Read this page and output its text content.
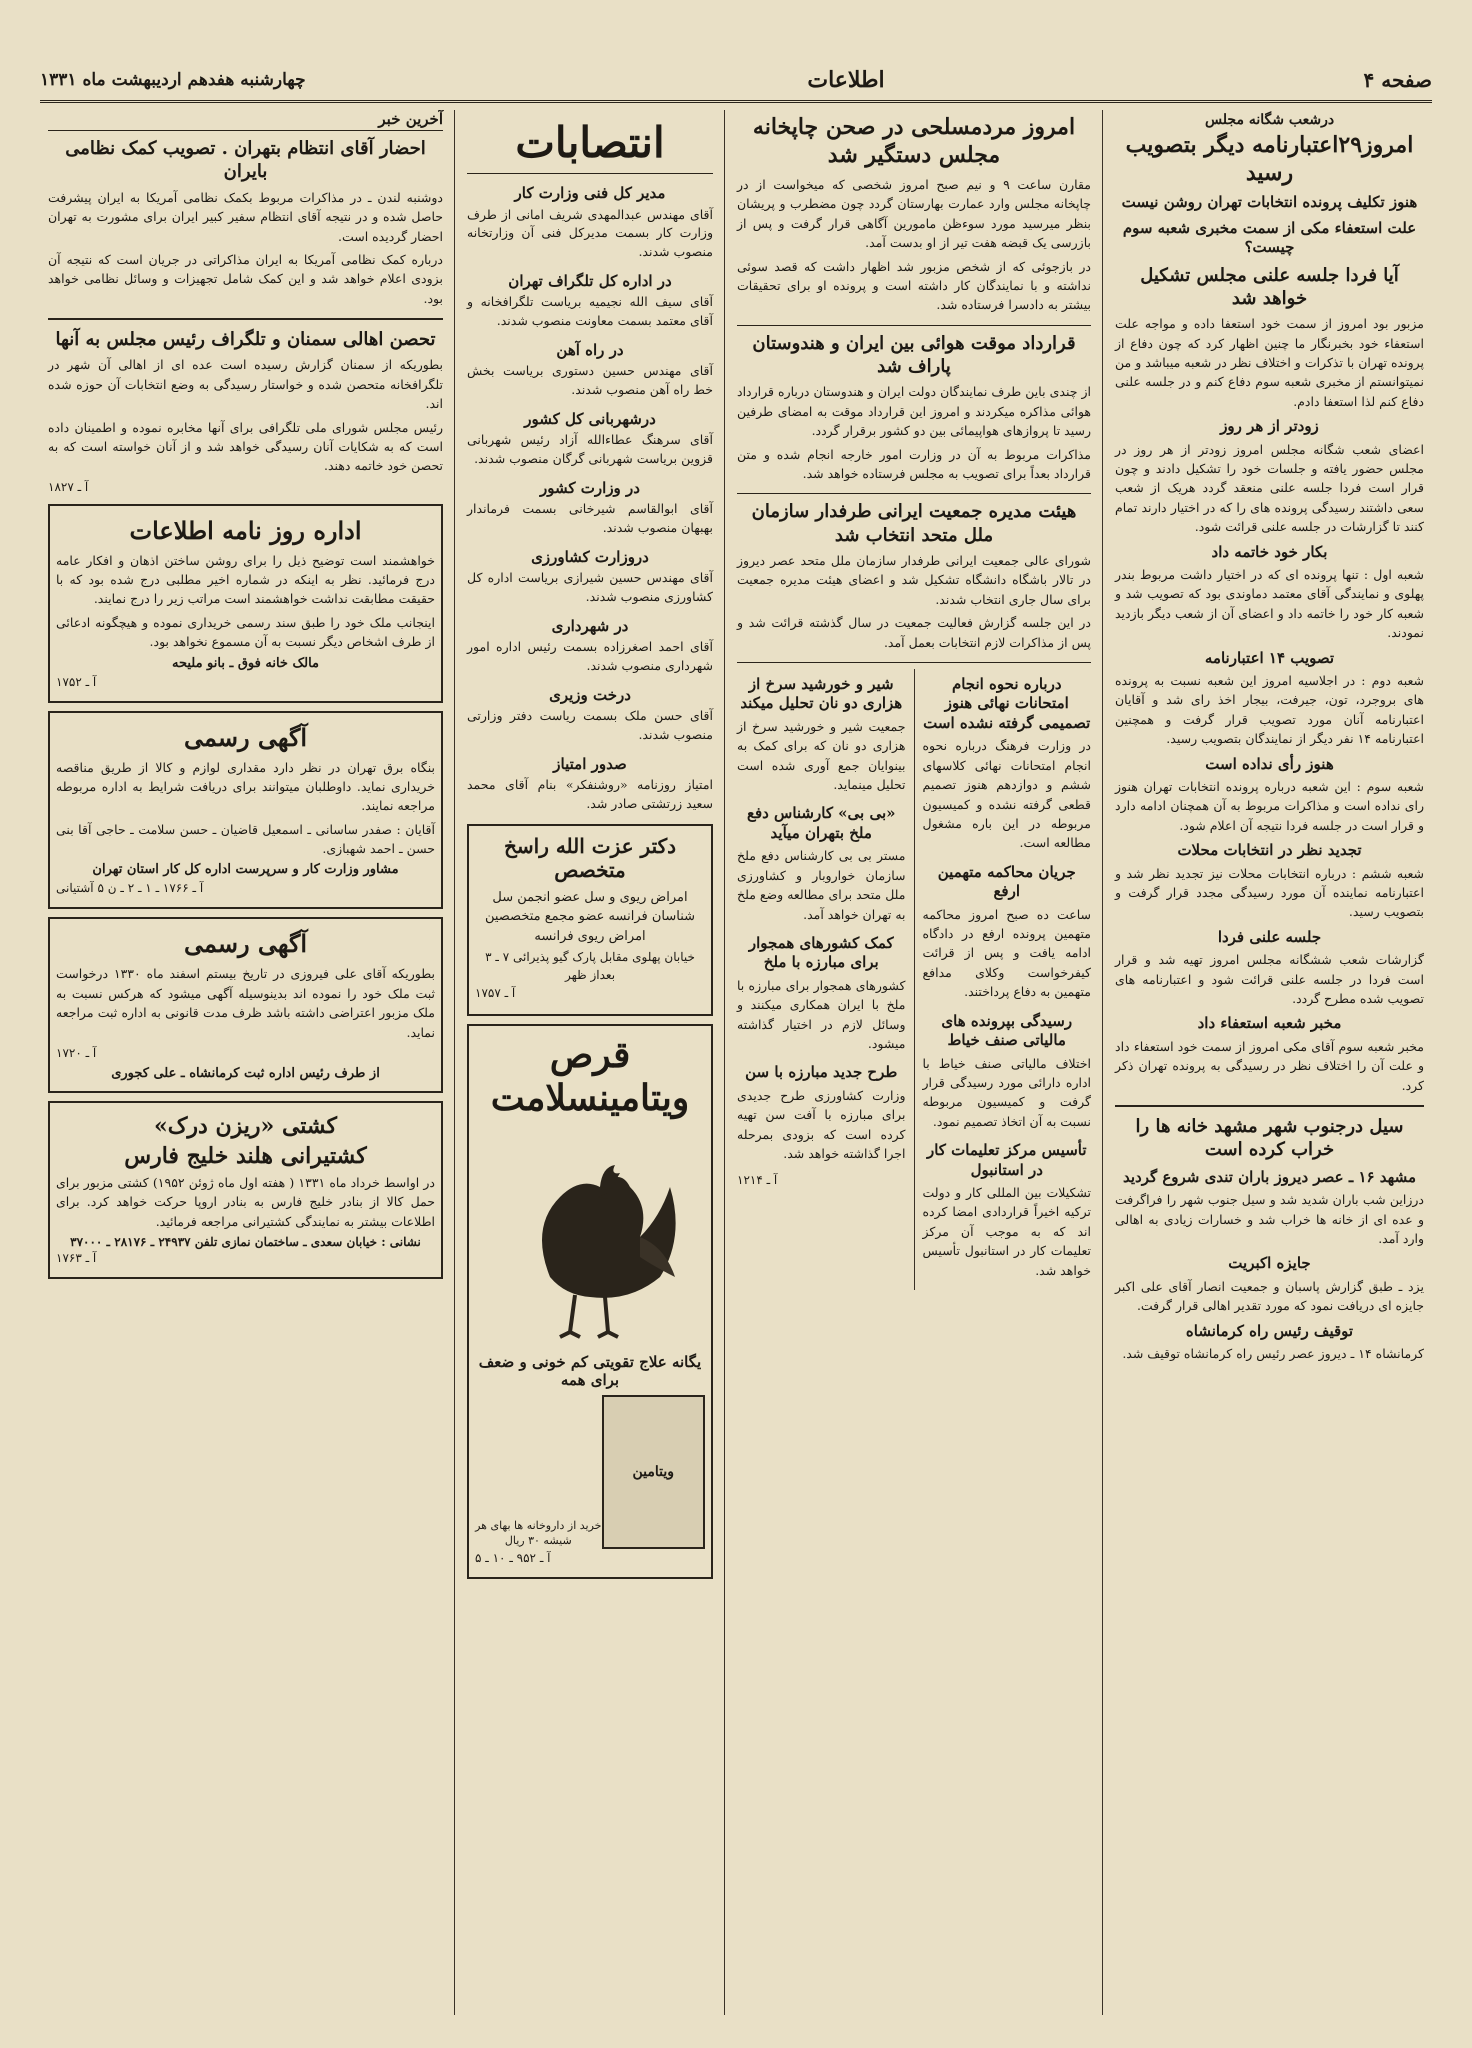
صفحه ۴
اطلاعات
چهارشنبه هفدهم اردیبهشت ماه ۱۳۳۱
درشعب شگانه مجلس
امروز۲۹اعتبارنامه دیگر بتصویب رسید
هنوز تکلیف پرونده انتخابات تهران روشن نیست
علت استعفاء مکی از سمت مخبری شعبه سوم چیست؟
آیا فردا جلسه علنی مجلس تشکیل خواهد شد

مزبور بود امروز از سمت خود استعفا داده و مواجه علت استعفاء خود بخبرنگار ما چنین اظهار کرد که چون دفاع از پرونده تهران با تذکرات و اختلاف نظر در شعبه میباشد و من نمیتوانستم از مخبری شعبه سوم دفاع کنم و در جلسه علنی دفاع کنم لذا استعفا دادم.

زودتر از هر روز

اعضای شعب شگانه مجلس امروز زودتر از هر روز در مجلس حضور یافته و جلسات خود را تشکیل دادند و چون قرار است فردا جلسه علنی منعقد گردد هریک از شعب سعی داشتند رسیدگی پرونده های را که در اختیار دارند تمام کنند تا گزارشات در جلسه علنی قرائت شود.

بکار خود خاتمه داد

شعبه اول : تنها پرونده ای که در اختیار داشت مربوط بندر پهلوی و نمایندگی آقای معتمد دماوندی بود که تصویب شد و شعبه کار خود را خاتمه داد و اعضای آن از شعب دیگر بازدید نمودند.

تصویب ۱۴ اعتبارنامه

شعبه دوم : در اجلاسیه امروز این شعبه نسبت به پرونده های بروجرد، تون، جیرفت، بیجار اخذ رای شد و آقایان اعتبارنامه آنان مورد تصویب قرار گرفت و همچنین اعتبارنامه ۱۴ نفر دیگر از نمایندگان بتصویب رسید.

هنوز رأی نداده است

شعبه سوم : این شعبه درباره پرونده انتخابات تهران هنوز رای نداده است و مذاکرات مربوط به آن همچنان ادامه دارد و قرار است در جلسه فردا نتیجه آن اعلام شود.

تجدید نظر در انتخابات محلات

شعبه ششم : درباره انتخابات محلات نیز تجدید نظر شد و اعتبارنامه نماینده آن مورد رسیدگی مجدد قرار گرفت و بتصویب رسید.

جلسه علنی فردا

گزارشات شعب ششگانه مجلس امروز تهیه شد و قرار است فردا در جلسه علنی قرائت شود و اعتبارنامه های تصویب شده مطرح گردد.

مخبر شعبه استعفاء داد

مخبر شعبه سوم آقای مکی امروز از سمت خود استعفاء داد و علت آن را اختلاف نظر در رسیدگی به پرونده تهران ذکر کرد.

سیل درجنوب شهر مشهد خانه ها را خراب کرده است
مشهد ۱۶ ـ عصر دیروز باران تندی شروع گردید

درزاین شب باران شدید شد و سیل جنوب شهر را فراگرفت و عده ای از خانه ها خراب شد و خسارات زیادی به اهالی وارد آمد.

جایزه اکبریت

یزد ـ طبق گزارش پاسبان و جمعیت انصار آقای علی اکبر جایزه ای دریافت نمود که مورد تقدیر اهالی قرار گرفت.

توقیف رئیس راه کرمانشاه

کرمانشاه ۱۴ ـ دیروز عصر رئیس راه کرمانشاه توقیف شد.

امروز مردمسلحی در صحن چاپخانه مجلس دستگیر شد

مقارن ساعت ۹ و نیم صبح امروز شخصی که میخواست از در چاپخانه مجلس وارد عمارت بهارستان گردد چون مضطرب و پریشان بنظر میرسید مورد سوءظن مامورین آگاهی قرار گرفت و پس از بازرسی یک قبضه هفت تیر از او بدست آمد.

در بازجوئی که از شخص مزبور شد اظهار داشت که قصد سوئی نداشته و با نمایندگان کار داشته است و پرونده او برای تحقیقات بیشتر به دادسرا فرستاده شد.

قرارداد موقت هوائی بین ایران و هندوستان پاراف شد

از چندی باین طرف نمایندگان دولت ایران و هندوستان درباره قرارداد هوائی مذاکره میکردند و امروز این قرارداد موقت به امضای طرفین رسید تا پروازهای هواپیمائی بین دو کشور برقرار گردد.

مذاکرات مربوط به آن در وزارت امور خارجه انجام شده و متن قرارداد بعداً برای تصویب به مجلس فرستاده خواهد شد.

هیئت مدیره جمعیت ایرانی طرفدار سازمان ملل متحد انتخاب شد

شورای عالی جمعیت ایرانی طرفدار سازمان ملل متحد عصر دیروز در تالار باشگاه دانشگاه تشکیل شد و اعضای هیئت مدیره جمعیت برای سال جاری انتخاب شدند.

در این جلسه گزارش فعالیت جمعیت در سال گذشته قرائت شد و پس از مذاکرات لازم انتخابات بعمل آمد.

درباره نحوه انجام امتحانات نهائی هنوز تصمیمی گرفته نشده است

در وزارت فرهنگ درباره نحوه انجام امتحانات نهائی کلاسهای ششم و دوازدهم هنوز تصمیم قطعی گرفته نشده و کمیسیون مربوطه در این باره مشغول مطالعه است.

جریان محاکمه متهمین ارفع

ساعت ده صبح امروز محاکمه متهمین پرونده ارفع در دادگاه ادامه یافت و پس از قرائت کیفرخواست وکلای مدافع متهمین به دفاع پرداختند.

رسیدگی بپرونده های مالیاتی صنف خیاط

اختلاف مالیاتی صنف خیاط با اداره دارائی مورد رسیدگی قرار گرفت و کمیسیون مربوطه نسبت به آن اتخاذ تصمیم نمود.

تأسیس مرکز تعلیمات کار در استانبول

تشکیلات بین المللی کار و دولت ترکیه اخیراً قراردادی امضا کرده اند که به موجب آن مرکز تعلیمات کار در استانبول تأسیس خواهد شد.

شیر و خورشید سرخ از هزاری دو نان تحلیل میکند

جمعیت شیر و خورشید سرخ از هزاری دو نان که برای کمک به بینوایان جمع آوری شده است تحلیل مینماید.

«بی بی» کارشناس دفع ملخ بتهران میآید

مستر بی بی کارشناس دفع ملخ سازمان خواروبار و کشاورزی ملل متحد برای مطالعه وضع ملخ به تهران خواهد آمد.

کمک کشورهای همجوار برای مبارزه با ملخ

کشورهای همجوار برای مبارزه با ملخ با ایران همکاری میکنند و وسائل لازم در اختیار گذاشته میشود.

طرح جدید مبارزه با سن

وزارت کشاورزی طرح جدیدی برای مبارزه با آفت سن تهیه کرده است که بزودی بمرحله اجرا گذاشته خواهد شد.

آ ـ ۱۲۱۴
انتصابات
مدیر کل فنی وزارت کار

آقای مهندس عبدالمهدی شریف امانی از طرف وزارت کار بسمت مدیرکل فنی آن وزارتخانه منصوب شدند.

در اداره کل تلگراف تهران

آقای سیف الله نجیمیه بریاست تلگرافخانه و آقای معتمد بسمت معاونت منصوب شدند.

در راه آهن

آقای مهندس حسین دستوری بریاست بخش خط راه آهن منصوب شدند.

درشهربانی کل کشور

آقای سرهنگ عطاءالله آزاد رئیس شهربانی قزوین بریاست شهربانی گرگان منصوب شدند.

در وزارت کشور

آقای ابوالقاسم شیرخانی بسمت فرماندار بهبهان منصوب شدند.

دروزارت کشاورزی

آقای مهندس حسین شیرازی بریاست اداره کل کشاورزی منصوب شدند.

در شهرداری

آقای احمد اصغرزاده بسمت رئیس اداره امور شهرداری منصوب شدند.

درخت وزیری

آقای حسن ملک بسمت ریاست دفتر وزارتی منصوب شدند.

صدور امتیاز

امتیاز روزنامه «روشنفکر» بنام آقای محمد سعید زرتشتی صادر شد.

دکتر عزت الله راسخ متخصص

امراض ریوی و سل عضو انجمن سل شناسان فرانسه عضو مجمع متخصصین امراض ریوی فرانسه

خیابان پهلوی مقابل پارک گیو پذیرائی ۷ ـ ۳ بعداز ظهر

آ ـ ۱۷۵۷
قرص ویتامینسلامت
یگانه علاج تقویتی کم خونی و ضعف برای همه
ویتامین
خرید از داروخانه ها بهای هر شیشه ۳۰ ریال
آ ـ ۹۵۲ ـ ۱۰ ـ ۵
آخرین خبر
احضار آقای انتظام بتهران . تصویب کمک نظامی بایران

دوشنبه لندن ـ در مذاکرات مربوط بکمک نظامی آمریکا به ایران پیشرفت حاصل شده و در نتیجه آقای انتظام سفیر کبیر ایران برای مشورت به تهران احضار گردیده است.

درباره کمک نظامی آمریکا به ایران مذاکراتی در جریان است که نتیجه آن بزودی اعلام خواهد شد و این کمک شامل تجهیزات و وسائل نظامی خواهد بود.

تحصن اهالی سمنان و تلگراف رئیس مجلس به آنها

بطوریکه از سمنان گزارش رسیده است عده ای از اهالی آن شهر در تلگرافخانه متحصن شده و خواستار رسیدگی به وضع انتخابات آن حوزه شده اند.

رئیس مجلس شورای ملی تلگرافی برای آنها مخابره نموده و اطمینان داده است که به شکایات آنان رسیدگی خواهد شد و از آنان خواسته است که به تحصن خود خاتمه دهند.

آ ـ ۱۸۲۷
اداره روز نامه اطلاعات

خواهشمند است توضیح ذیل را برای روشن ساختن اذهان و افکار عامه درج فرمائید. نظر به اینکه در شماره اخیر مطلبی درج شده بود که با حقیقت مطابقت نداشت خواهشمند است مراتب زیر را درج نمایند.

اینجانب ملک خود را طبق سند رسمی خریداری نموده و هیچگونه ادعائی از طرف اشخاص دیگر نسبت به آن مسموع نخواهد بود.

مالک خانه فوق ـ بانو ملیحه
آ ـ ۱۷۵۲
آگهی رسمی

بنگاه برق تهران در نظر دارد مقداری لوازم و کالا از طریق مناقصه خریداری نماید. داوطلبان میتوانند برای دریافت شرایط به اداره مربوطه مراجعه نمایند.

آقایان : صفدر ساسانی ـ اسمعیل قاضیان ـ حسن سلامت ـ حاجی آقا بنی حسن ـ احمد شهبازی.

مشاور وزارت کار و سرپرست اداره کل کار استان تهران
آ ـ ۱۷۶۶ ـ ۱ ـ ۲ ـ ن ۵ آشتیانی
آگهی رسمی

بطوریکه آقای علی فیروزی در تاریخ بیستم اسفند ماه ۱۳۳۰ درخواست ثبت ملک خود را نموده اند بدینوسیله آگهی میشود که هرکس نسبت به ملک مزبور اعتراضی داشته باشد ظرف مدت قانونی به اداره ثبت مراجعه نماید.

آ ـ ۱۷۲۰
از طرف رئیس اداره ثبت کرمانشاه ـ علی کجوری
کشتی «ریزن درک»
کشتیرانی هلند خلیج فارس

در اواسط خرداد ماه ۱۳۳۱ ( هفته اول ماه ژوئن ۱۹۵۲) کشتی مزبور برای حمل کالا از بنادر خلیج فارس به بنادر اروپا حرکت خواهد کرد. برای اطلاعات بیشتر به نمایندگی کشتیرانی مراجعه فرمائید.

نشانی : خیابان سعدی ـ ساختمان نمازی تلفن ۲۴۹۳۷ ـ ۲۸۱۷۶ ـ ۳۷۰۰۰
آ ـ ۱۷۶۳
